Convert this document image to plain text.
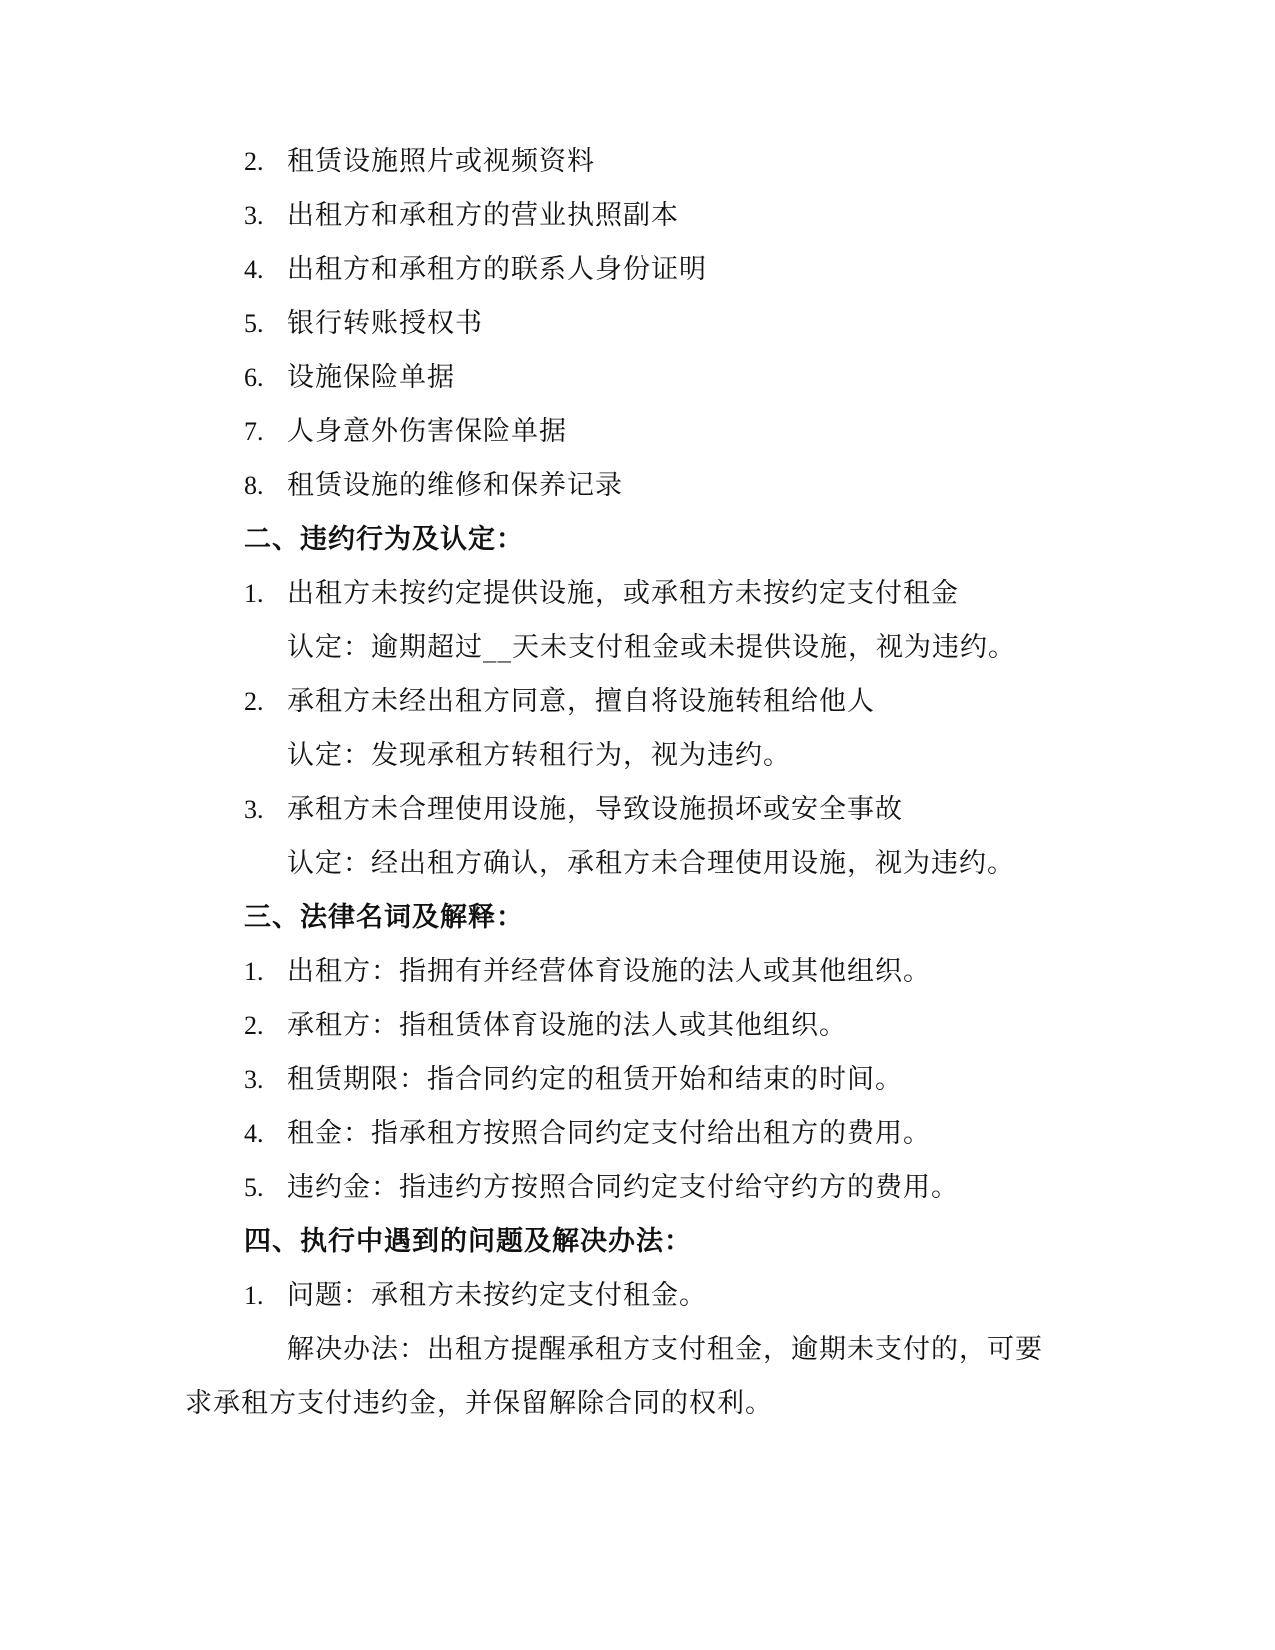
2. 租赁设施照片或视频资料
3. 出租方和承租方的营业执照副本
4. 出租方和承租方的联系人身份证明
5. 银行转账授权书
6. 设施保险单据
7. 人身意外伤害保险单据
8. 租赁设施的维修和保养记录
二、违约行为及认定：
1. 出租方未按约定提供设施，或承租方未按约定支付租金
认定：逾期超过__天未支付租金或未提供设施，视为违约。
2. 承租方未经出租方同意，擅自将设施转租给他人
认定：发现承租方转租行为，视为违约。
3. 承租方未合理使用设施，导致设施损坏或安全事故
认定：经出租方确认，承租方未合理使用设施，视为违约。
三、法律名词及解释：
1. 出租方：指拥有并经营体育设施的法人或其他组织。
2. 承租方：指租赁体育设施的法人或其他组织。
3. 租赁期限：指合同约定的租赁开始和结束的时间。
4. 租金：指承租方按照合同约定支付给出租方的费用。
5. 违约金：指违约方按照合同约定支付给守约方的费用。
四、执行中遇到的问题及解决办法：
1. 问题：承租方未按约定支付租金。
解决办法：出租方提醒承租方支付租金，逾期未支付的，可要
求承租方支付违约金，并保留解除合同的权利。
